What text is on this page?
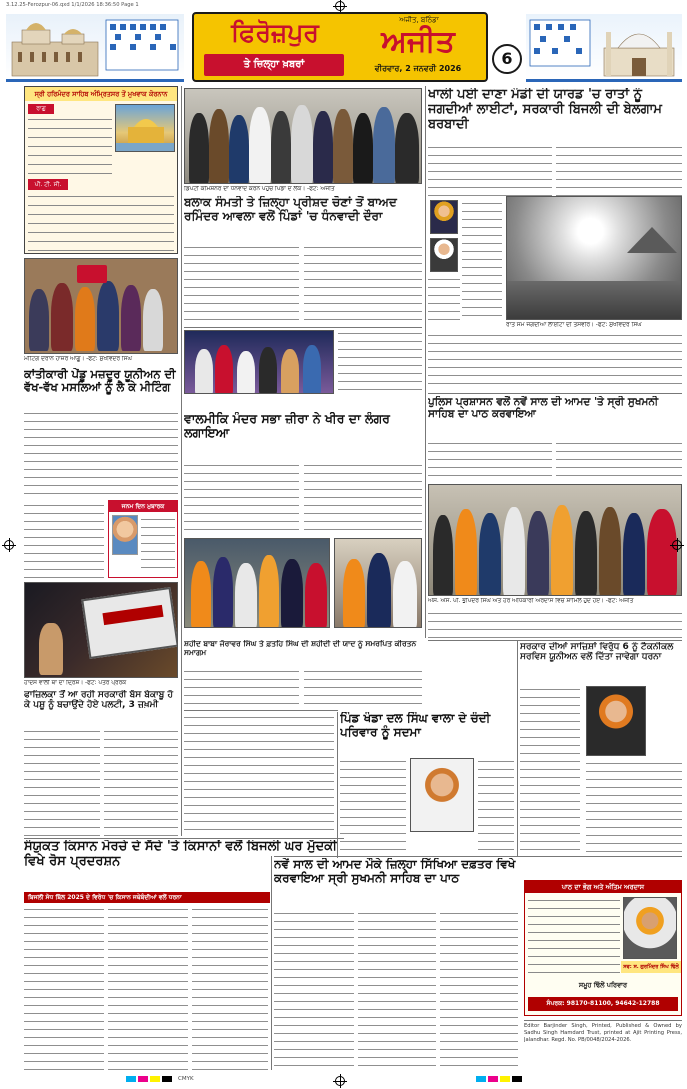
3.12.25-Ferozpur-06.qxd 1/1/2026 18:36:50 Page 1
ਫਿਰੋਜ਼ਪੁਰ	ਅਜੀਤ, ਬਠਿੰਡਾ
ਅਜੀਤ
ਤੇ ਜ਼ਿਲ੍ਹਾ ਖ਼ਬਰਾਂ	ਵੀਰਵਾਰ, 2 ਜਨਵਰੀ 2026
6
ਸ੍ਰੀ ਹਰਿਮੰਦਰ ਸਾਹਿਬ ਅੰਮ੍ਰਿਤਸਰ ਤੋਂ ਮੁਖਵਾਕ ਕੋਰਨਾਨ
ਰਾਗੁ
ਪੀ. ਟੀ. ਸੀ.
ਮੀਟਿੰਗ ਦੌਰਾਨ ਹਾਜ਼ਰ ਆਗੂ। -ਫੋਟੋ: ਸੁਖਵਿੰਦਰ ਸਿੰਘ
ਕਾਂਤੀਕਾਰੀ ਪੇਂਡੂ ਮਜ਼ਦੂਰ ਯੂਨੀਅਨ ਦੀ ਵੱਖ-ਵੱਖ ਮਸਲਿਆਂ ਨੂੰ ਲੈ ਕੇ ਮੀਟਿੰਗ
ਜਨਮ ਦਿਨ ਮੁਬਾਰਕ
ਹਾਦਸੇ ਵਾਲੀ ਥਾਂ ਦਾ ਦ੍ਰਿਸ਼। -ਫੋਟੋ: ਪੱਤਰ ਪ੍ਰੇਰਕ
ਡਿਪਟੀ ਕਮਿਸ਼ਨਰ ਦਾ ਧੰਨਵਾਦ ਕਰਨ ਪਹੁੰਚੇ ਪਿੰਡਾਂ ਦੇ ਲੋਕ। -ਫੋਟੋ: ਅਜੀਤ
ਬਲਾਕ ਸੰਮਤੀ ਤੇ ਜ਼ਿਲ੍ਹਾ ਪ੍ਰੀਸ਼ਦ ਚੋਣਾਂ ਤੋਂ ਬਾਅਦ ਰਮਿੰਦਰ ਆਵਲਾ ਵਲੋਂ ਪਿੰਡਾਂ 'ਚ ਧੰਨਵਾਦੀ ਦੌਰਾ
ਖਾਲੀ ਪਈ ਦਾਣਾ ਮੰਡੀ ਦੀ ਯਾਰਡ 'ਚ ਰਾਤਾਂ ਨੂੰ ਜਗਦੀਆਂ ਲਾਈਟਾਂ, ਸਰਕਾਰੀ ਬਿਜਲੀ ਦੀ ਬੇਲਗਾਮ ਬਰਬਾਦੀ
ਰਾਤ ਸਮੇਂ ਜਗਦੀਆਂ ਲਾਈਟਾਂ ਦੀ ਤਸਵੀਰ। -ਫੋਟੋ: ਸੁਖਵਿੰਦਰ ਸਿੰਘ
ਵਾਲਮੀਕਿ ਮੰਦਰ ਸਭਾ ਜ਼ੀਰਾ ਨੇ ਖੀਰ ਦਾ ਲੰਗਰ ਲਗਾਇਆ
ਸ਼ਹੀਦ ਬਾਬਾ ਜੋਰਾਵਰ ਸਿੰਘ ਤੇ ਫ਼ਤਹਿ ਸਿੰਘ ਦੀ ਸ਼ਹੀਦੀ ਦੀ ਯਾਦ ਨੂੰ ਸਮਰਪਿਤ ਕੀਰਤਨ ਸਮਾਗਮ
ਪੁਲਿਸ ਪ੍ਰਸ਼ਾਸਨ ਵਲੋਂ ਨਵੇਂ ਸਾਲ ਦੀ ਆਮਦ 'ਤੇ ਸ੍ਰੀ ਸੁਖਮਨੀ ਸਾਹਿਬ ਦਾ ਪਾਠ ਕਰਵਾਇਆ
ਐੱਸ. ਐੱਸ. ਪੀ. ਭੁਪਿੰਦਰ ਸਿੰਘ ਅਤੇ ਹੋਰ ਅਧਿਕਾਰੀ ਅਰਦਾਸ ਵਿਚ ਸ਼ਾਮਿਲ ਹੁੰਦੇ ਹੋਏ। -ਫੋਟੋ: ਅਜੀਤ
ਪਿੰਡ ਖੰਡਾ ਦਲ ਸਿੰਘ ਵਾਲਾ ਦੇ ਚੰਦੀ ਪਰਿਵਾਰ ਨੂੰ ਸਦਮਾ
ਸਰਕਾਰ ਦੀਆਂ ਸਾਜ਼ਿਸ਼ਾਂ ਵਿਰੁੱਧ 6 ਨੂੰ ਟੈਕਨੀਕਲ ਸਰਵਿਸ ਯੂਨੀਅਨ ਵਲੋਂ ਦਿੱਤਾ ਜਾਵੇਗਾ ਧਰਨਾ
ਫਾਜ਼ਿਲਕਾ ਤੋਂ ਆ ਰਹੀ ਸਰਕਾਰੀ ਬੱਸ ਬੇਕਾਬੂ ਹੋ ਕੇ ਪਸ਼ੂ ਨੂੰ ਬਚਾਉਂਦੇ ਹੋਏ ਪਲਟੀ, 3 ਜ਼ਖ਼ਮੀ
ਸੰਯੁਕਤ ਕਿਸਾਨ ਮੋਰਚੇ ਦੇ ਸੱਦੇ 'ਤੇ ਕਿਸਾਨਾਂ ਵਲੋਂ ਬਿਜਲੀ ਘਰ ਮੁੱਦਕੀ ਵਿਖੇ ਰੋਸ ਪ੍ਰਦਰਸ਼ਨ
ਬਿਜਲੀ ਸੋਧ ਬਿੱਲ 2025 ਦੇ ਵਿਰੋਧ 'ਚ ਕਿਸਾਨ ਜਥੇਬੰਦੀਆਂ ਵਲੋਂ ਧਰਨਾ
ਨਵੇਂ ਸਾਲ ਦੀ ਆਮਦ ਮੌਕੇ ਜ਼ਿਲ੍ਹਾ ਸਿੱਖਿਆ ਦਫ਼ਤਰ ਵਿਖੇ ਕਰਵਾਇਆ ਸ੍ਰੀ ਸੁਖਮਨੀ ਸਾਹਿਬ ਦਾ ਪਾਠ
ਪਾਠ ਦਾ ਭੋਗ ਅਤੇ ਅੰਤਿਮ ਅਰਦਾਸ
ਸਵ: ਸ. ਗੁਰਮਿੰਦਰ ਸਿੰਘ ਢਿੱਲੋਂ
ਸਮੂਹ ਢਿੱਲੋਂ ਪਰਿਵਾਰ
ਸੰਪਰਕ: 98170-81100, 94642-12788
Editor Barjinder Singh, Printed, Published & Owned by Sadhu Singh Hamdard Trust, printed at Ajit Printing Press, Jalandhar. Regd. No. PB/0048/2024-2026.
CMYK
